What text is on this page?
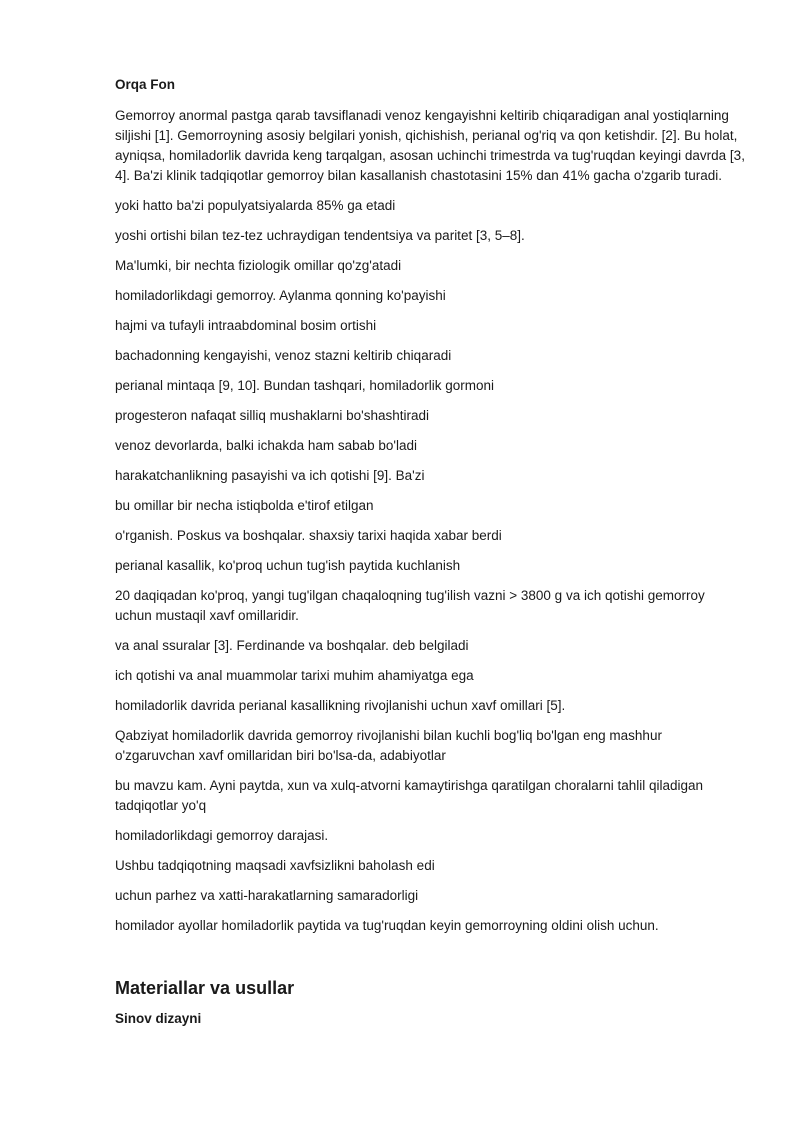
Orqa Fon

Gemorroy anormal pastga qarab tavsiflanadi venoz kengayishni keltirib chiqaradigan anal yostiqlarning siljishi [1]. Gemorroyning asosiy belgilari yonish, qichishish, perianal og'riq va qon ketishdir. [2]. Bu holat, ayniqsa, homiladorlik davrida keng tarqalgan, asosan uchinchi trimestrda va tug'ruqdan keyingi davrda [3, 4]. Ba'zi klinik tadqiqotlar gemorroy bilan kasallanish chastotasini 15% dan 41% gacha o'zgarib turadi.

yoki hatto ba'zi populyatsiyalarda 85% ga etadi

yoshi ortishi bilan tez-tez uchraydigan tendentsiya va paritet [3, 5–8].

Ma'lumki, bir nechta fiziologik omillar qo'zg'atadi

homiladorlikdagi gemorroy. Aylanma qonning ko'payishi

hajmi va tufayli intraabdominal bosim ortishi

bachadonning kengayishi, venoz stazni keltirib chiqaradi

perianal mintaqa [9, 10]. Bundan tashqari, homiladorlik gormoni

progesteron nafaqat silliq mushaklarni bo'shashtiradi

venoz devorlarda, balki ichakda ham sabab bo'ladi

harakatchanlikning pasayishi va ich qotishi [9]. Ba'zi

bu omillar bir necha istiqbolda e'tirof etilgan

o'rganish. Poskus va boshqalar. shaxsiy tarixi haqida xabar berdi

perianal kasallik, ko'proq uchun tug'ish paytida kuchlanish

20 daqiqadan ko'proq, yangi tug'ilgan chaqaloqning tug'ilish vazni > 3800 g va ich qotishi gemorroy uchun mustaqil xavf omillaridir.

va anal ssuralar [3]. Ferdinande va boshqalar. deb belgiladi

ich qotishi va anal muammolar tarixi muhim ahamiyatga ega

homiladorlik davrida perianal kasallikning rivojlanishi uchun xavf omillari [5].

Qabziyat homiladorlik davrida gemorroy rivojlanishi bilan kuchli bog'liq bo'lgan eng mashhur o'zgaruvchan xavf omillaridan biri bo'lsa-da, adabiyotlar

bu mavzu kam. Ayni paytda, xun va xulq-atvorni kamaytirishga qaratilgan choralarni tahlil qiladigan tadqiqotlar yo'q

homiladorlikdagi gemorroy darajasi.

Ushbu tadqiqotning maqsadi xavfsizlikni baholash edi

uchun parhez va xatti-harakatlarning samaradorligi

homilador ayollar homiladorlik paytida va tug'ruqdan keyin gemorroyning oldini olish uchun.

Materiallar va usullar
Sinov dizayni
